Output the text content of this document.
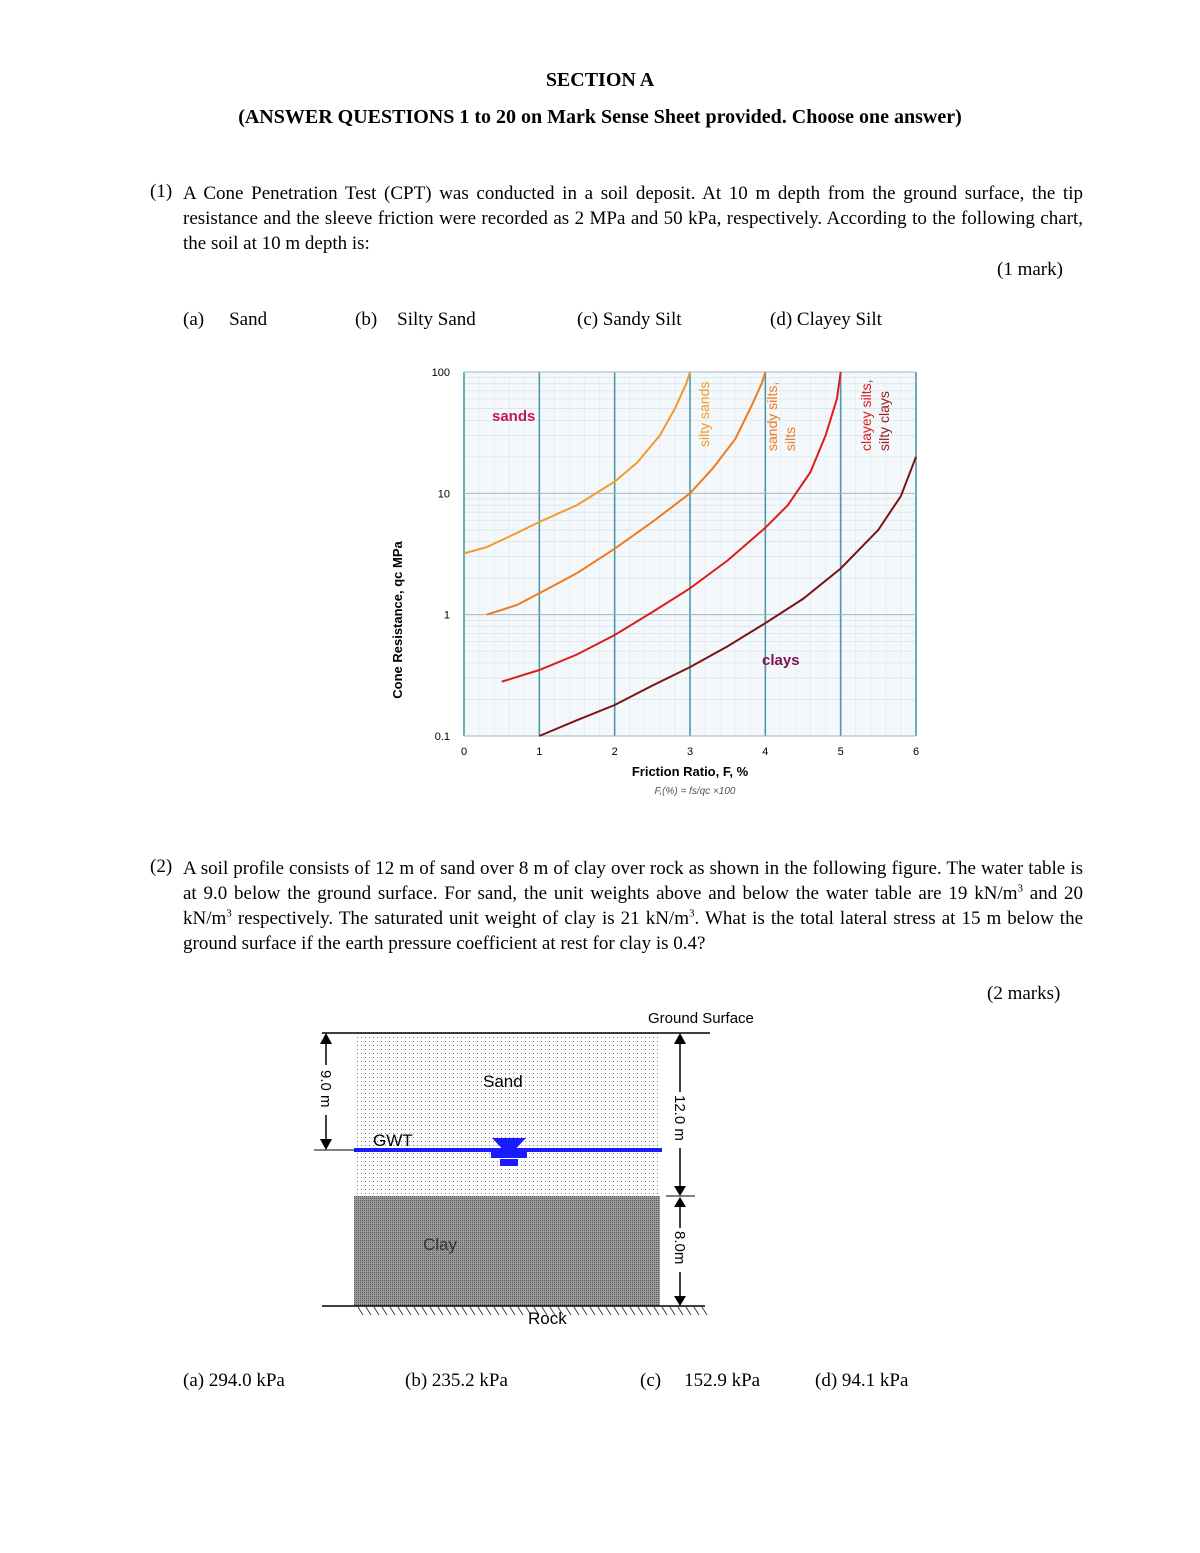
SECTION A
(ANSWER QUESTIONS 1 to 20 on Mark Sense Sheet provided. Choose one answer)
(1) A Cone Penetration Test (CPT) was conducted in a soil deposit. At 10 m depth from the ground surface, the tip resistance and the sleeve friction were recorded as 2 MPa and 50 kPa, respectively. According to the following chart, the soil at 10 m depth is:
(1 mark)
(a) Sand	(b) Silty Sand	(c) Sandy Silt	(d) Clayey Silt
0	1	2	3	4	5	6
0.1
1
10
100
sands	silty sands	sandy silts, silts	clayey silts, silty clays
clays
Cone Resistance, qc MPa
Friction Ratio, F, %
F,(%) = fs/qc ×100
(2) A soil profile consists of 12 m of sand over 8 m of clay over rock as shown in the following figure. The water table is at 9.0 below the ground surface. For sand, the unit weights above and below the water table are 19 $kN/m^3$ and 20 $kN/m^3$ respectively. The saturated unit weight of clay is 21 $kN/m^3$. What is the total lateral stress at 15 m below the ground surface if the earth pressure coefficient at rest for clay is 0.4?
(2 marks)
Ground Surface
Sand
GWT
Clay
Rock
9.0 m
12.0 m
8.0m
(a) 294.0 kPa	(b) 235.2 kPa	(c) 152.9 kPa	(d) 94.1 kPa
